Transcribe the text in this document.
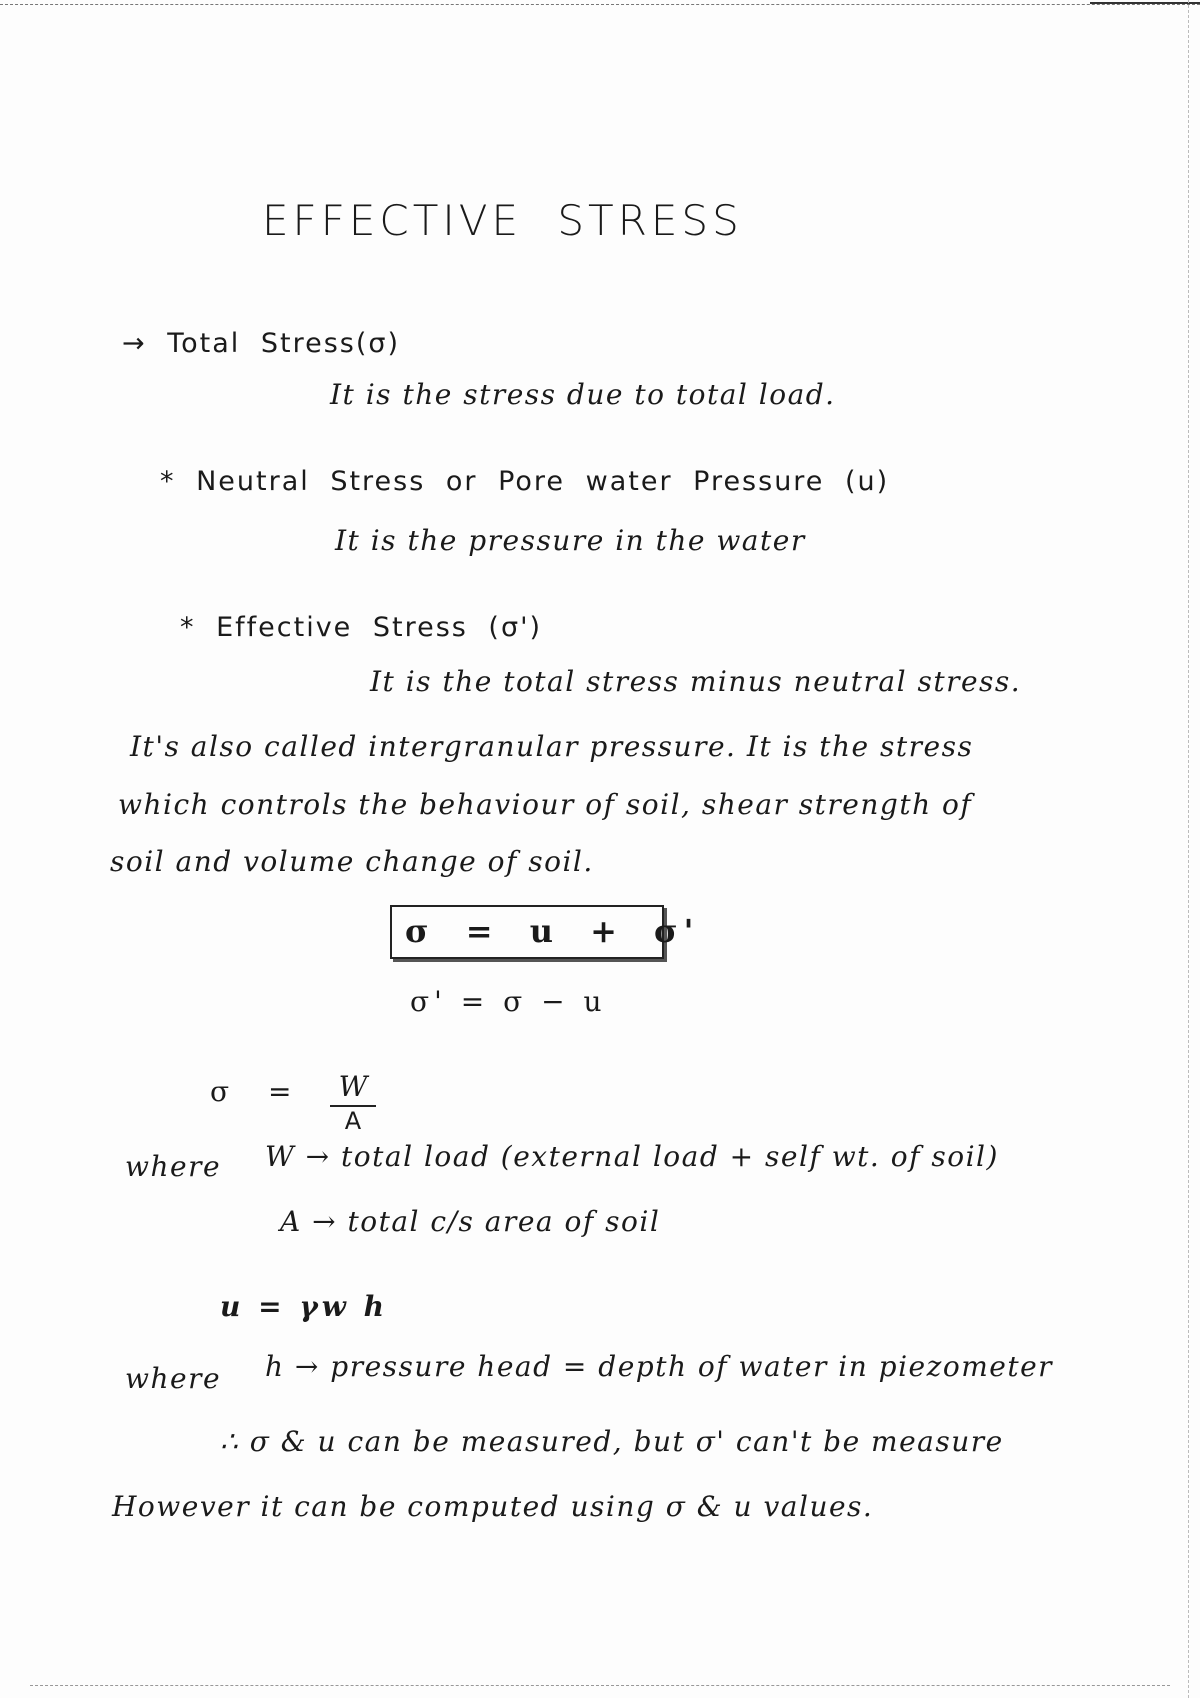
EFFECTIVE STRESS
→ Total Stress(σ)
It is the stress due to total load.
* Neutral Stress or Pore water Pressure (u)
It is the pressure in the water
* Effective Stress (σ')
It is the total stress minus neutral stress.
It's also called intergranular pressure. It is the stress
which controls the behaviour of soil, shear strength of
soil and volume change of soil.
σ = u + σ'
σ' = σ − u
$\sigma = \frac{W}{A}$
where W → total load (external load + self wt. of soil)
A → total c/s area of soil
u = γw h
where h → pressure head = depth of water in piezometer
∴ σ & u can be measured, but σ' can't be measure
However it can be computed using σ & u values.
